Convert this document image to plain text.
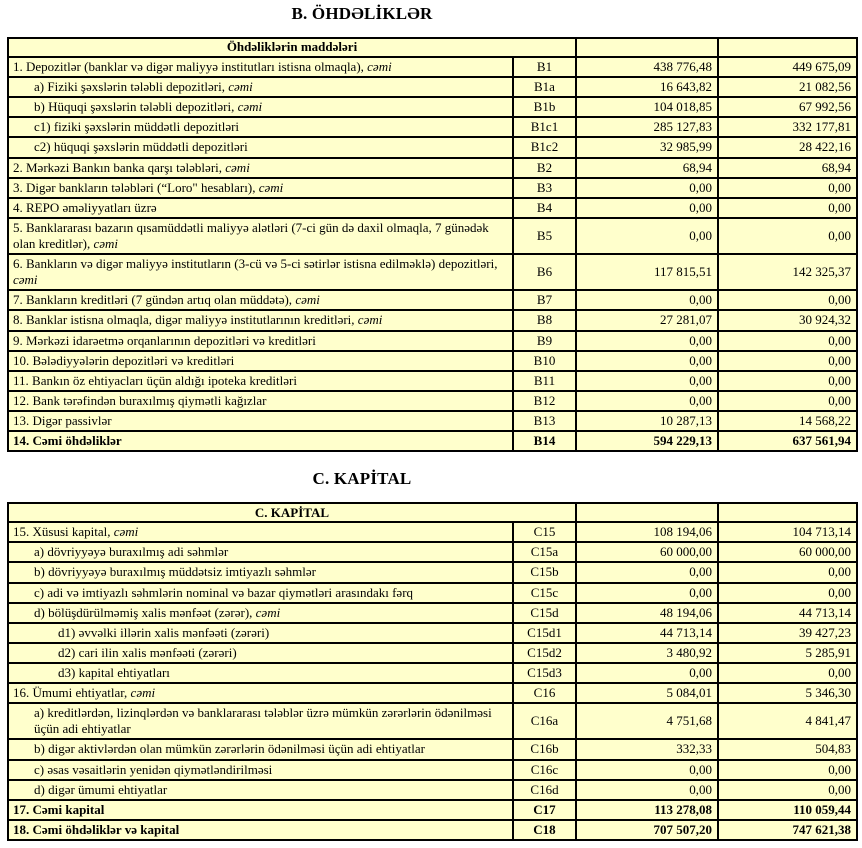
B. ÖHDƏLİKLƏR
Öhdəliklərin maddələri			
1. Depozitlər (banklar və digər maliyyə institutları istisna olmaqla), cəmi	B1	438 776,48	449 675,09
a) Fiziki şəxslərin tələbli depozitləri, cəmi	B1a	16 643,82	21 082,56
b) Hüquqi şəxslərin tələbli depozitləri, cəmi	B1b	104 018,85	67 992,56
c1) fiziki şəxslərin müddətli depozitləri	B1c1	285 127,83	332 177,81
c2) hüquqi şəxslərin müddətli depozitləri	B1c2	32 985,99	28 422,16
2. Mərkəzi Bankın banka qarşı tələbləri, cəmi	B2	68,94	68,94
3. Digər bankların tələbləri (“Loro" hesabları), cəmi	B3	0,00	0,00
4. REPO əməliyyatları üzrə	B4	0,00	0,00
5. Banklararası bazarın qısamüddətli maliyyə alətləri (7-ci gün də daxil olmaqla, 7 günədək olan kreditlər), cəmi	B5	0,00	0,00
6. Bankların və digər maliyyə institutların (3-cü və 5-ci sətirlər istisna edilməklə) depozitləri, cəmi	B6	117 815,51	142 325,37
7. Bankların kreditləri (7 gündən artıq olan müddətə), cəmi	B7	0,00	0,00
8. Banklar istisna olmaqla, digər maliyyə institutlarının kreditləri, cəmi	B8	27 281,07	30 924,32
9. Mərkəzi idarəetmə orqanlarının depozitləri və kreditləri	B9	0,00	0,00
10. Bələdiyyələrin depozitləri və kreditləri	B10	0,00	0,00
11. Bankın öz ehtiyacları üçün aldığı ipoteka kreditləri	B11	0,00	0,00
12. Bank tərəfindən buraxılmış qiymətli kağızlar	B12	0,00	0,00
13. Digər passivlər	B13	10 287,13	14 568,22
14. Cəmi öhdəliklər	B14	594 229,13	637 561,94
C. KAPİTAL
C. KAPİTAL			
15. Xüsusi kapital, cəmi	C15	108 194,06	104 713,14
a) dövriyyəyə buraxılmış adi səhmlər	C15a	60 000,00	60 000,00
b) dövriyyəyə buraxılmış müddətsiz imtiyazlı səhmlər	C15b	0,00	0,00
c) adi və imtiyazlı səhmlərin nominal və bazar qiymətləri arasındakı fərq	C15c	0,00	0,00
d) bölüşdürülməmiş xalis mənfəət (zərər), cəmi	C15d	48 194,06	44 713,14
d1) əvvəlki illərin xalis mənfəəti (zərəri)	C15d1	44 713,14	39 427,23
d2) cari ilin xalis mənfəəti (zərəri)	C15d2	3 480,92	5 285,91
d3) kapital ehtiyatları	C15d3	0,00	0,00
16. Ümumi ehtiyatlar, cəmi	C16	5 084,01	5 346,30
a) kreditlərdən, lizinqlərdən və banklararası tələblər üzrə mümkün zərərlərin ödənilməsi üçün adi ehtiyatlar	C16a	4 751,68	4 841,47
b) digər aktivlərdən olan mümkün zərərlərin ödənilməsi üçün adi ehtiyatlar	C16b	332,33	504,83
c) əsas vəsaitlərin yenidən qiymətləndirilməsi	C16c	0,00	0,00
d) digər ümumi ehtiyatlar	C16d	0,00	0,00
17. Cəmi kapital	C17	113 278,08	110 059,44
18. Cəmi öhdəliklər və kapital	C18	707 507,20	747 621,38
